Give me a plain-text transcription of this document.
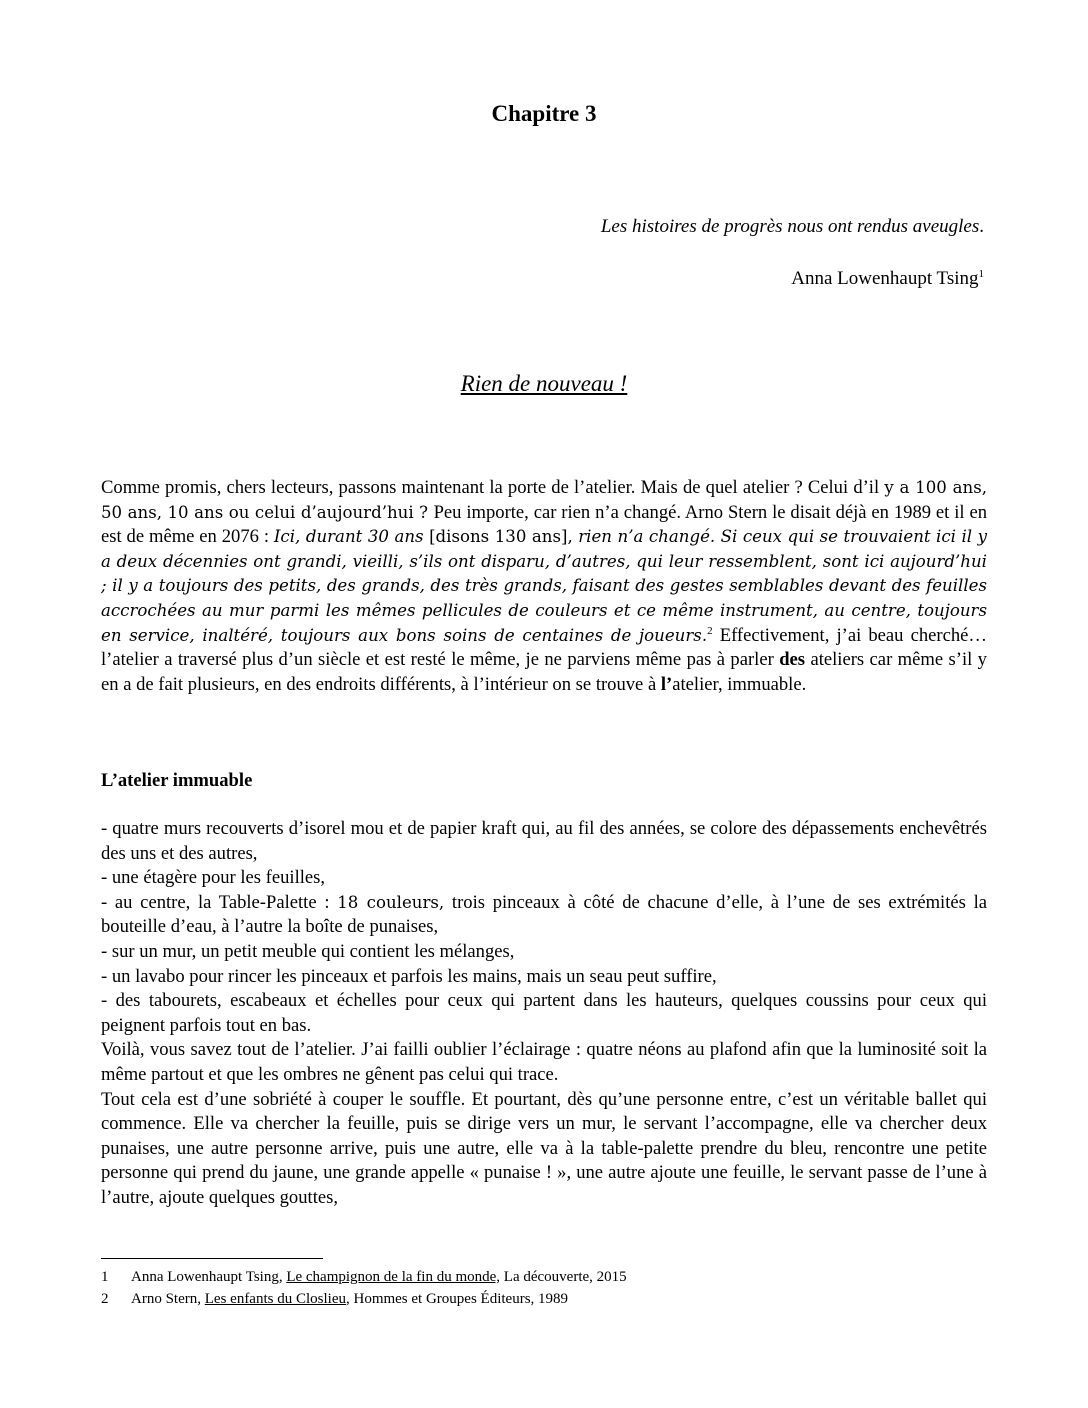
Chapitre 3
Les histoires de progrès nous ont rendus aveugles.
Anna Lowenhaupt Tsing$^1$
Rien de nouveau !

Comme promis, chers lecteurs, passons maintenant la porte de l’atelier. Mais de quel atelier ? Celui d’il y a 100 ans, 50 ans, 10 ans ou celui d’aujourd’hui ? Peu importe, car rien n’a changé. Arno Stern le disait déjà en 1989 et il en est de même en 2076 : Ici, durant 30 ans [disons 130 ans], rien n’a changé. Si ceux qui se trouvaient ici il y a deux décennies ont grandi, vieilli, s’ils ont disparu, d’autres, qui leur ressemblent, sont ici aujourd’hui ; il y a toujours des petits, des grands, des très grands, faisant des gestes semblables devant des feuilles accrochées au mur parmi les mêmes pellicules de couleurs et ce même instrument, au centre, toujours en service, inaltéré, toujours aux bons soins de centaines de joueurs.$^2$ Effectivement, j’ai beau cherché… l’atelier a traversé plus d’un siècle et est resté le même, je ne parviens même pas à parler des ateliers car même s’il y en a de fait plusieurs, en des endroits différents, à l’intérieur on se trouve à l’atelier, immuable.

L’atelier immuable

- quatre murs recouverts d’isorel mou et de papier kraft qui, au fil des années, se colore des dépassements enchevêtrés des uns et des autres,

- une étagère pour les feuilles,

- au centre, la Table-Palette : 18 couleurs, trois pinceaux à côté de chacune d’elle, à l’une de ses extrémités la bouteille d’eau, à l’autre la boîte de punaises,

- sur un mur, un petit meuble qui contient les mélanges,

- un lavabo pour rincer les pinceaux et parfois les mains, mais un seau peut suffire,

- des tabourets, escabeaux et échelles pour ceux qui partent dans les hauteurs, quelques coussins pour ceux qui peignent parfois tout en bas.

Voilà, vous savez tout de l’atelier. J’ai failli oublier l’éclairage : quatre néons au plafond afin que la luminosité soit la même partout et que les ombres ne gênent pas celui qui trace.

Tout cela est d’une sobriété à couper le souffle. Et pourtant, dès qu’une personne entre, c’est un véritable ballet qui commence. Elle va chercher la feuille, puis se dirige vers un mur, le servant l’accompagne, elle va chercher deux punaises, une autre personne arrive, puis une autre, elle va à la table-palette prendre du bleu, rencontre une petite personne qui prend du jaune, une grande appelle « punaise ! », une autre ajoute une feuille, le servant passe de l’une à l’autre, ajoute quelques gouttes,

1	Anna Lowenhaupt Tsing, Le champignon de la fin du monde, La découverte, 2015
2	Arno Stern, Les enfants du Closlieu, Hommes et Groupes Éditeurs, 1989
